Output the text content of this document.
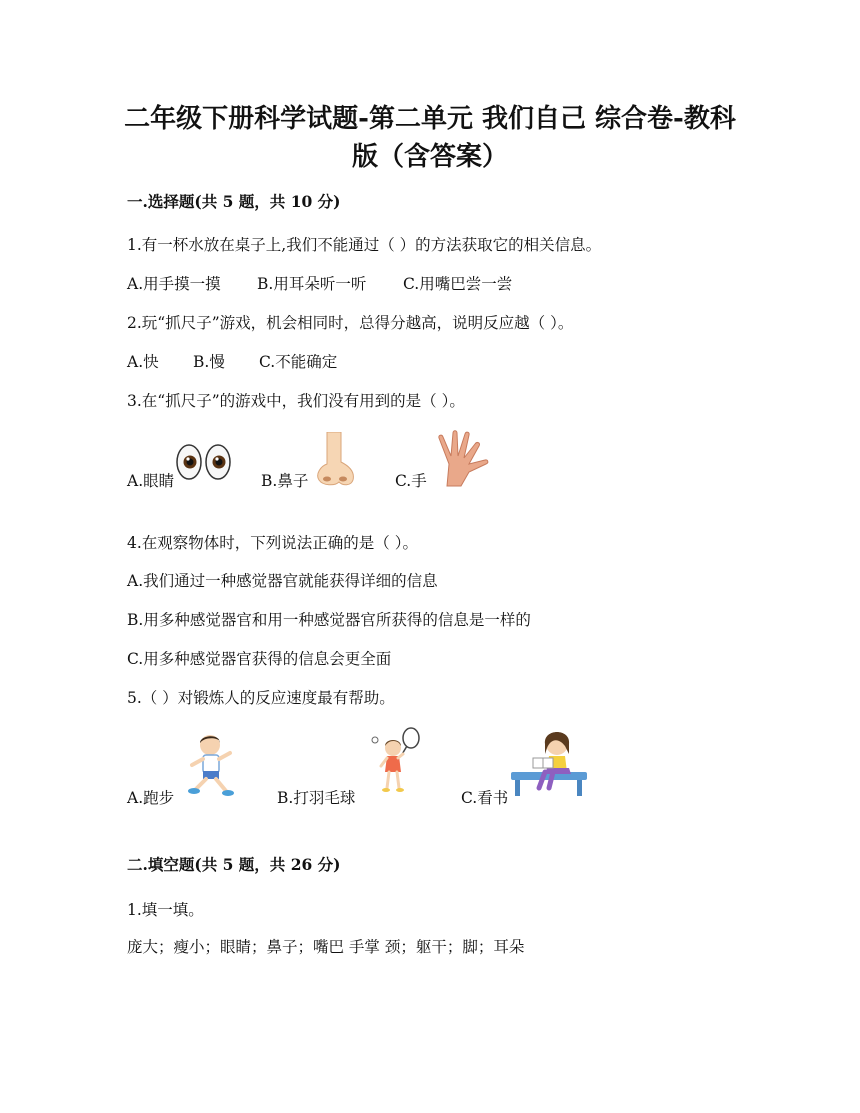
二年级下册科学试题-第二单元 我们自己 综合卷-教科
版（含答案）
一.选择题(共 5 题，共 10 分)
1.有一杯水放在桌子上,我们不能通过（ ）的方法获取它的相关信息。
A.用手摸一摸 B.用耳朵听一听 C.用嘴巴尝一尝
2.玩“抓尺子”游戏，机会相同时，总得分越高，说明反应越（ ）。
A.快 B.慢 C.不能确定
3.在“抓尺子”的游戏中，我们没有用到的是（ ）。
A.眼睛	B.鼻子	C.手
4.在观察物体时，下列说法正确的是（ ）。
A.我们通过一种感觉器官就能获得详细的信息
B.用多种感觉器官和用一种感觉器官所获得的信息是一样的
C.用多种感觉器官获得的信息会更全面
5.（ ）对锻炼人的反应速度最有帮助。
A.跑步	B.打羽毛球	C.看书
二.填空题(共 5 题，共 26 分)
1.填一填。
庞大；瘦小；眼睛；鼻子；嘴巴 手掌 颈；躯干；脚；耳朵
